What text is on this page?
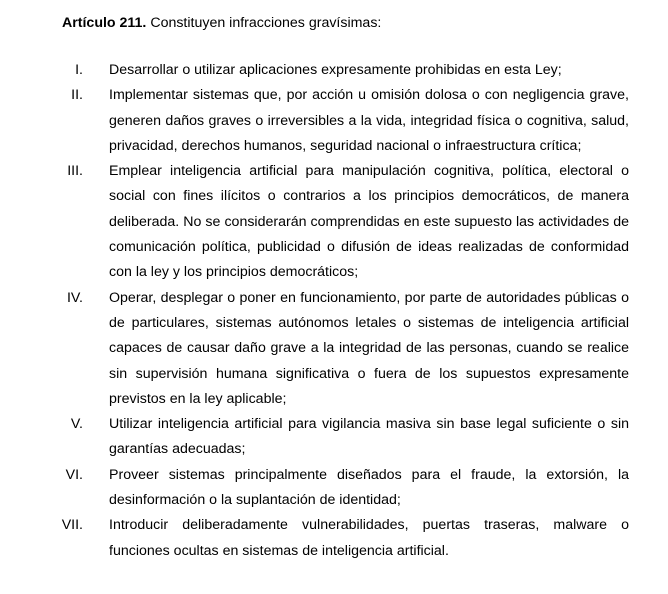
Artículo 211. Constituyen infracciones gravísimas:
I. Desarrollar o utilizar aplicaciones expresamente prohibidas en esta Ley;
II. Implementar sistemas que, por acción u omisión dolosa o con negligencia grave, generen daños graves o irreversibles a la vida, integridad física o cognitiva, salud, privacidad, derechos humanos, seguridad nacional o infraestructura crítica;
III. Emplear inteligencia artificial para manipulación cognitiva, política, electoral o social con fines ilícitos o contrarios a los principios democráticos, de manera deliberada. No se considerarán comprendidas en este supuesto las actividades de comunicación política, publicidad o difusión de ideas realizadas de conformidad con la ley y los principios democráticos;
IV. Operar, desplegar o poner en funcionamiento, por parte de autoridades públicas o de particulares, sistemas autónomos letales o sistemas de inteligencia artificial capaces de causar daño grave a la integridad de las personas, cuando se realice sin supervisión humana significativa o fuera de los supuestos expresamente previstos en la ley aplicable;
V. Utilizar inteligencia artificial para vigilancia masiva sin base legal suficiente o sin garantías adecuadas;
VI. Proveer sistemas principalmente diseñados para el fraude, la extorsión, la desinformación o la suplantación de identidad;
VII. Introducir deliberadamente vulnerabilidades, puertas traseras, malware o funciones ocultas en sistemas de inteligencia artificial.
